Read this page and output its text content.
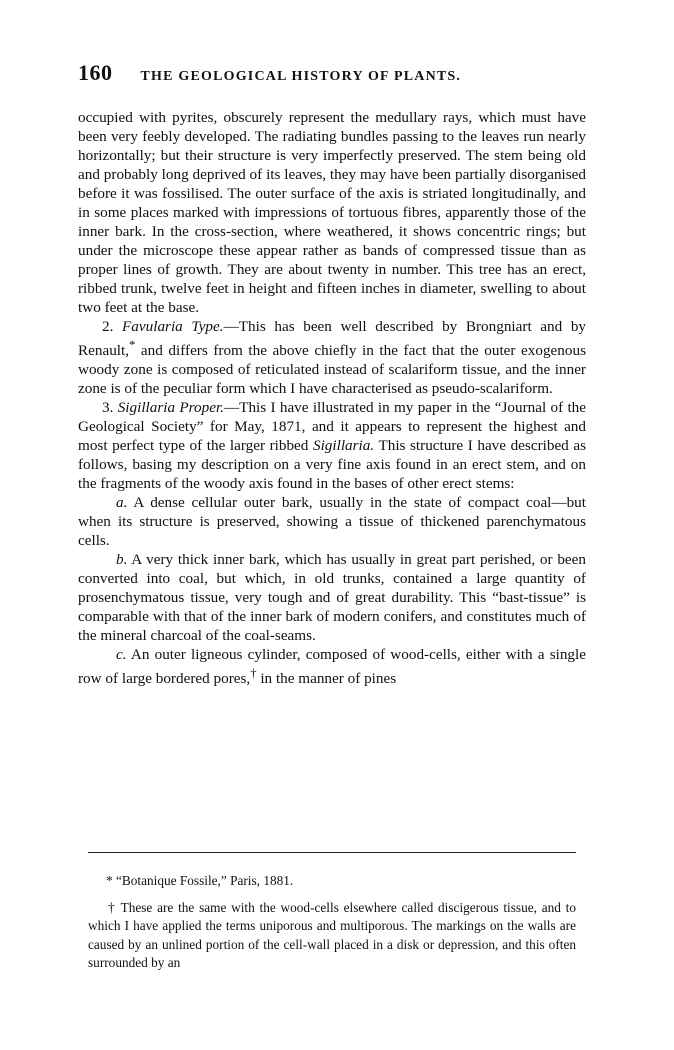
160 THE GEOLOGICAL HISTORY OF PLANTS.

occupied with pyrites, obscurely represent the medullary rays, which must have been very feebly developed. The radiating bundles passing to the leaves run nearly horizontally; but their structure is very imperfectly preserved. The stem being old and probably long deprived of its leaves, they may have been partially disorganised before it was fossilised. The outer surface of the axis is striated longitudinally, and in some places marked with impressions of tortuous fibres, apparently those of the inner bark. In the cross-section, where weathered, it shows concentric rings; but under the microscope these appear rather as bands of compressed tissue than as proper lines of growth. They are about twenty in number. This tree has an erect, ribbed trunk, twelve feet in height and fifteen inches in diameter, swelling to about two feet at the base.

2. Favularia Type.—This has been well described by Brongniart and by Renault,* and differs from the above chiefly in the fact that the outer exogenous woody zone is composed of reticulated instead of scalariform tissue, and the inner zone is of the peculiar form which I have characterised as pseudo-scalariform.

3. Sigillaria Proper.—This I have illustrated in my paper in the “Journal of the Geological Society” for May, 1871, and it appears to represent the highest and most perfect type of the larger ribbed Sigillaria. This structure I have described as follows, basing my description on a very fine axis found in an erect stem, and on the fragments of the woody axis found in the bases of other erect stems:

a. A dense cellular outer bark, usually in the state of compact coal—but when its structure is preserved, showing a tissue of thickened parenchymatous cells.

b. A very thick inner bark, which has usually in great part perished, or been converted into coal, but which, in old trunks, contained a large quantity of prosenchymatous tissue, very tough and of great durability. This “bast-tissue” is comparable with that of the inner bark of modern conifers, and constitutes much of the mineral charcoal of the coal-seams.

c. An outer ligneous cylinder, composed of wood-cells, either with a single row of large bordered pores,† in the manner of pines

* “Botanique Fossile,” Paris, 1881.

† These are the same with the wood-cells elsewhere called discigerous tissue, and to which I have applied the terms uniporous and multiporous. The markings on the walls are caused by an unlined portion of the cell-wall placed in a disk or depression, and this often surrounded by an
